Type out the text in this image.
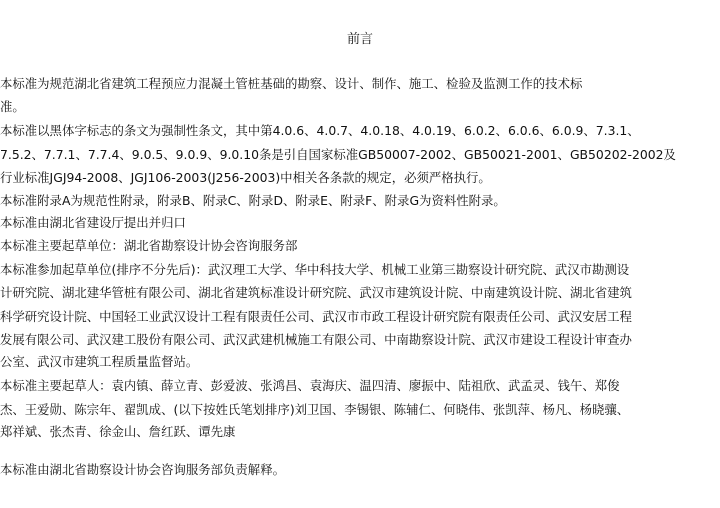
前言
本标准为规范湖北省建筑工程预应力混凝土管桩基础的勘察、设计、制作、施工、检验及监测工作的技术标
准。
本标准以黑体字标志的条文为强制性条文，其中第4.0.6、4.0.7、4.0.18、4.0.19、6.0.2、6.0.6、6.0.9、7.3.1、
7.5.2、7.7.1、7.7.4、9.0.5、9.0.9、9.0.10条是引自国家标准GB50007-2002、GB50021-2001、GB50202-2002及
行业标准JGJ94-2008、JGJ106-2003(J256-2003)中相关各条款的规定，必须严格执行。
本标准附录A为规范性附录，附录B、附录C、附录D、附录E、附录F、附录G为资料性附录。
本标准由湖北省建设厅提出并归口
本标准主要起草单位：湖北省勘察设计协会咨询服务部
本标准参加起草单位(排序不分先后)：武汉理工大学、华中科技大学、机械工业第三勘察设计研究院、武汉市勘测设
计研究院、湖北建华管桩有限公司、湖北省建筑标准设计研究院、武汉市建筑设计院、中南建筑设计院、湖北省建筑
科学研究设计院、中国轻工业武汉设计工程有限责任公司、武汉市市政工程设计研究院有限责任公司、武汉安居工程
发展有限公司、武汉建工股份有限公司、武汉武建机械施工有限公司、中南勘察设计院、武汉市建设工程设计审查办
公室、武汉市建筑工程质量监督站。
本标准主要起草人：袁内镇、薛立青、彭爱波、张鸿昌、袁海庆、温四清、廖振中、陆祖欣、武孟灵、钱午、郑俊
杰、王爱勋、陈宗年、翟凯成、(以下按姓氏笔划排序)刘卫国、李锡银、陈辅仁、何晓伟、张凯萍、杨凡、杨晓骧、
郑祥斌、张杰青、徐金山、詹红跃、谭先康
本标准由湖北省勘察设计协会咨询服务部负责解释。
